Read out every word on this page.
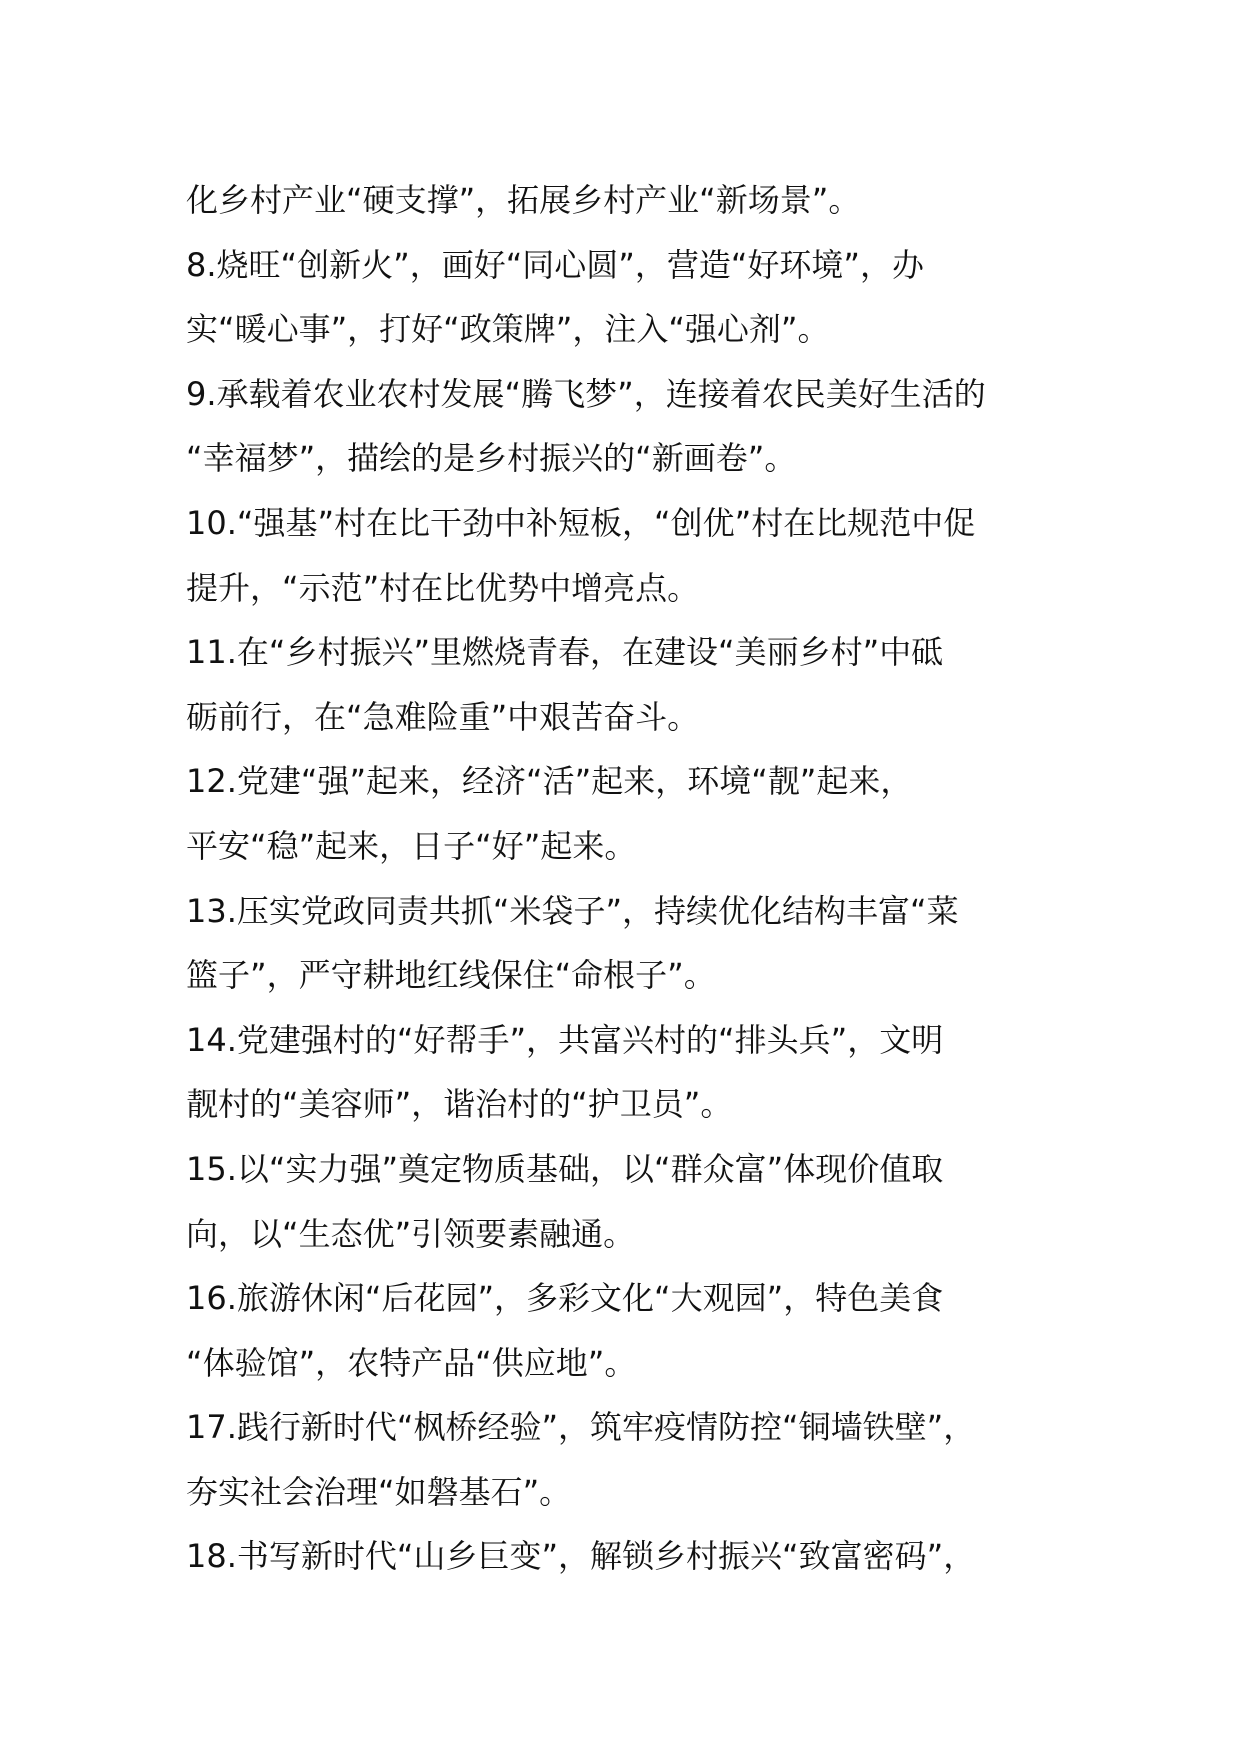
化乡村产业“硬支撑”，拓展乡村产业“新场景”。
8.烧旺“创新火”，画好“同心圆”，营造“好环境”，办
实“暖心事”，打好“政策牌”，注入“强心剂”。
9.承载着农业农村发展“腾飞梦”，连接着农民美好生活的
“幸福梦”，描绘的是乡村振兴的“新画卷”。
10.“强基”村在比干劲中补短板，“创优”村在比规范中促
提升，“示范”村在比优势中增亮点。
11.在“乡村振兴”里燃烧青春，在建设“美丽乡村”中砥
砺前行，在“急难险重”中艰苦奋斗。
12.党建“强”起来，经济“活”起来，环境“靓”起来，
平安“稳”起来，日子“好”起来。
13.压实党政同责共抓“米袋子”，持续优化结构丰富“菜
篮子”，严守耕地红线保住“命根子”。
14.党建强村的“好帮手”，共富兴村的“排头兵”，文明
靓村的“美容师”，谐治村的“护卫员”。
15.以“实力强”奠定物质基础，以“群众富”体现价值取
向，以“生态优”引领要素融通。
16.旅游休闲“后花园”，多彩文化“大观园”，特色美食
“体验馆”，农特产品“供应地”。
17.践行新时代“枫桥经验”，筑牢疫情防控“铜墙铁壁”，
夯实社会治理“如磐基石”。
18.书写新时代“山乡巨变”，解锁乡村振兴“致富密码”，
